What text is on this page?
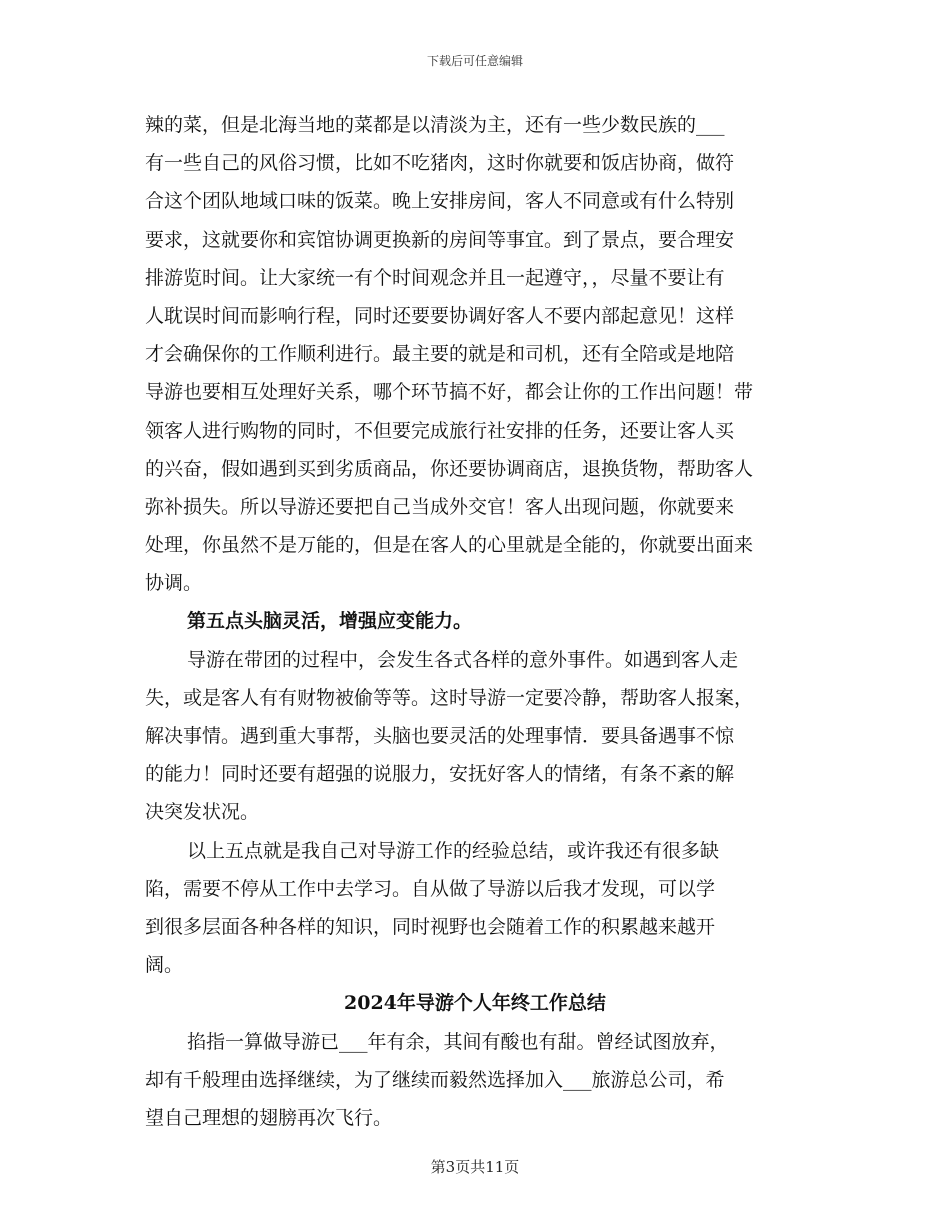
下载后可任意编辑
辣的菜，但是北海当地的菜都是以清淡为主，还有一些少数民族的___
有一些自己的风俗习惯，比如不吃猪肉，这时你就要和饭店协商，做符
合这个团队地域口味的饭菜。晚上安排房间，客人不同意或有什么特别
要求，这就要你和宾馆协调更换新的房间等事宜。到了景点，要合理安
排游览时间。让大家统一有个时间观念并且一起遵守，，尽量不要让有
人耽误时间而影响行程，同时还要要协调好客人不要内部起意见！这样
才会确保你的工作顺利进行。最主要的就是和司机，还有全陪或是地陪
导游也要相互处理好关系，哪个环节搞不好，都会让你的工作出问题！带
领客人进行购物的同时，不但要完成旅行社安排的任务，还要让客人买
的兴奋，假如遇到买到劣质商品，你还要协调商店，退换货物，帮助客人
弥补损失。所以导游还要把自己当成外交官！客人出现问题，你就要来
处理，你虽然不是万能的，但是在客人的心里就是全能的，你就要出面来
协调。
第五点头脑灵活，增强应变能力。
导游在带团的过程中，会发生各式各样的意外事件。如遇到客人走
失，或是客人有有财物被偷等等。这时导游一定要冷静，帮助客人报案，
解决事情。遇到重大事帮，头脑也要灵活的处理事情．要具备遇事不惊
的能力！同时还要有超强的说服力，安抚好客人的情绪，有条不紊的解
决突发状况。
以上五点就是我自己对导游工作的经验总结，或许我还有很多缺
陷，需要不停从工作中去学习。自从做了导游以后我才发现，可以学
到很多层面各种各样的知识，同时视野也会随着工作的积累越来越开
阔。
2024年导游个人年终工作总结
掐指一算做导游已___年有余，其间有酸也有甜。曾经试图放弃，
却有千般理由选择继续，为了继续而毅然选择加入___旅游总公司，希
望自己理想的翅膀再次飞行。
第3页共11页
